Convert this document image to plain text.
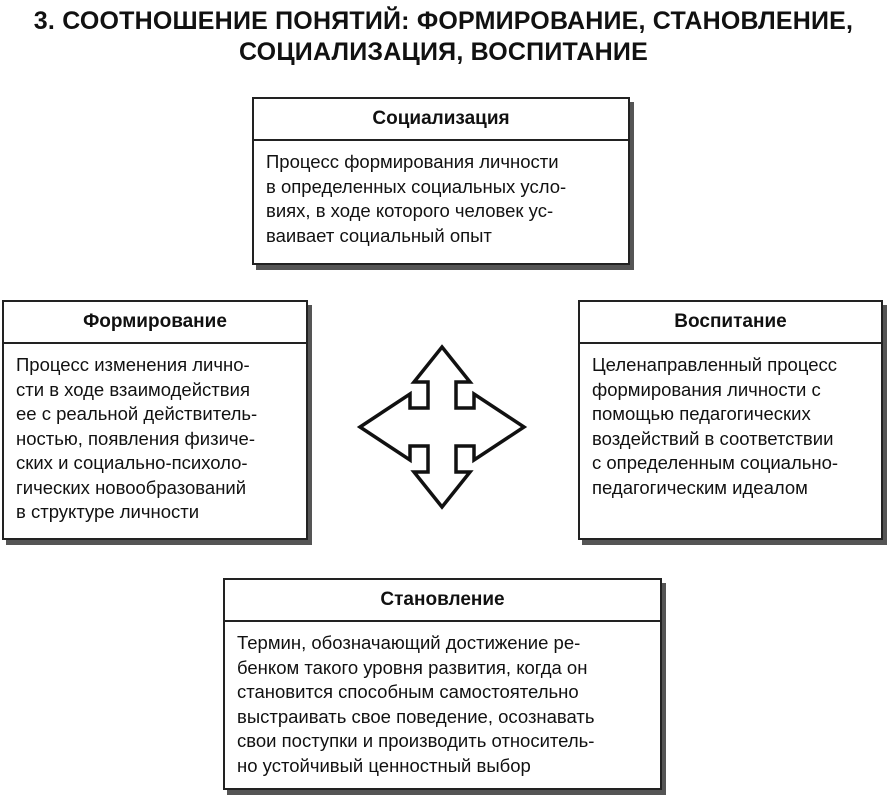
3. СООТНОШЕНИЕ ПОНЯТИЙ: ФОРМИРОВАНИЕ, СТАНОВЛЕНИЕ,
СОЦИАЛИЗАЦИЯ, ВОСПИТАНИЕ
Социализация
Процесс формирования личности
в определенных социальных усло-
виях, в ходе которого человек ус-
ваивает социальный опыт
Формирование
Процесс изменения лично-
сти в ходе взаимодействия
ее с реальной действитель-
ностью, появления физиче-
ских и социально-психоло-
гических новообразований
в структуре личности
Воспитание
Целенаправленный процесс
формирования личности с
помощью педагогических
воздействий в соответствии
с определенным социально-
педагогическим идеалом
Становление
Термин, обозначающий достижение ре-
бенком такого уровня развития, когда он
становится способным самостоятельно
выстраивать свое поведение, осознавать
свои поступки и производить относитель-
но устойчивый ценностный выбор
